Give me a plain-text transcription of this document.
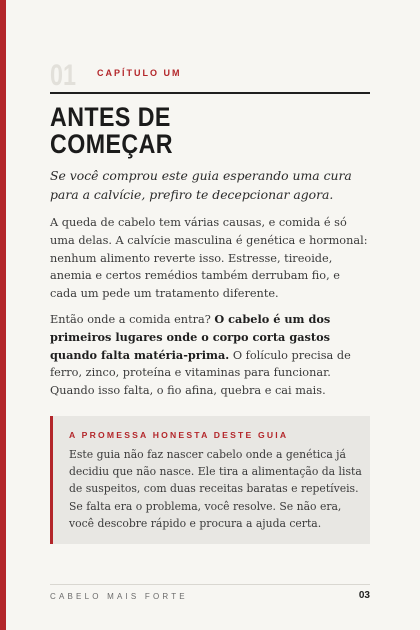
01 CAPÍTULO UM
ANTES DE
COMEÇAR
Se você comprou este guia esperando uma cura para a calvície, prefiro te decepcionar agora.
A queda de cabelo tem várias causas, e comida é só uma delas. A calvície masculina é genética e hormonal: nenhum alimento reverte isso. Estresse, tireoide, anemia e certos remédios também derrubam fio, e cada um pede um tratamento diferente.
Então onde a comida entra? O cabelo é um dos primeiros lugares onde o corpo corta gastos quando falta matéria-prima. O folículo precisa de ferro, zinco, proteína e vitaminas para funcionar. Quando isso falta, o fio afina, quebra e cai mais.
A PROMESSA HONESTA DESTE GUIA
Este guia não faz nascer cabelo onde a genética já decidiu que não nasce. Ele tira a alimentação da lista de suspeitos, com duas receitas baratas e repetíveis. Se falta era o problema, você resolve. Se não era, você descobre rápido e procura a ajuda certa.
CABELO MAIS FORTE	03
